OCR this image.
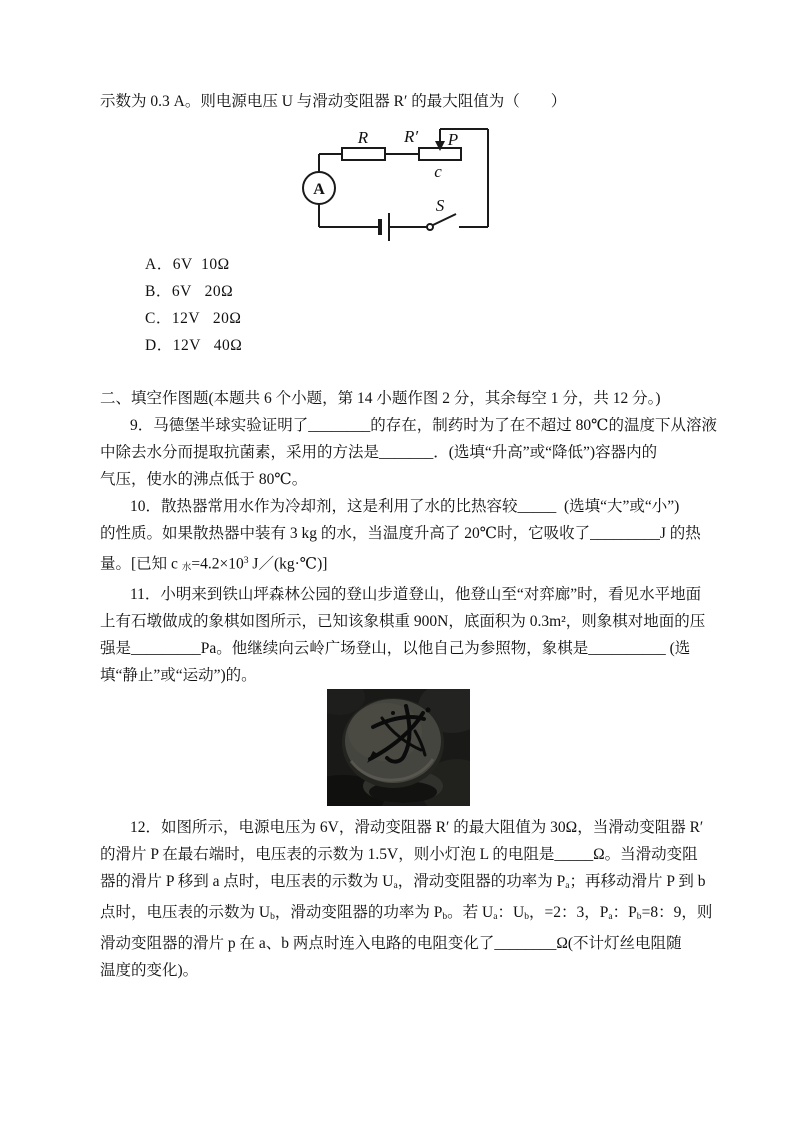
示数为 0.3 A。则电源电压 U 与滑动变阻器 R′ 的最大阻值为（　　）

R R′ P
c
A
S

A．6V  10Ω

B．6V   20Ω

C．12V   20Ω

D．12V   40Ω

二、填空作图题(本题共 6 个小题，第 14 小题作图 2 分，其余每空 1 分，共 12 分。)

9．马德堡半球实验证明了________的存在，制药时为了在不超过 80℃的温度下从溶液

中除去水分而提取抗菌素，采用的方法是_______．(选填“升高”或“降低”)容器内的

气压，使水的沸点低于 80℃。

10．散热器常用水作为冷却剂，这是利用了水的比热容较_____  (选填“大”或“小”)

的性质。如果散热器中装有 3 kg 的水，当温度升高了 20℃时，它吸收了_________J 的热

量。[已知 c $_水=4.2\times 10^3$ J／(kg·℃)]

11．小明来到铁山坪森林公园的登山步道登山，他登山至“对弈廊”时，看见水平地面

上有石墩做成的象棋如图所示，已知该象棋重 900N，底面积为 0.3m²，则象棋对地面的压

强是_________Pa。他继续向云岭广场登山，以他自己为参照物，象棋是__________ (选

填“静止”或“运动”)的。

12．如图所示，电源电压为 6V，滑动变阻器 R′ 的最大阻值为 30Ω，当滑动变阻器 R′

的滑片 P 在最右端时，电压表的示数为 1.5V，则小灯泡 L 的电阻是_____Ω。当滑动变阻

器的滑片 P 移到 a 点时，电压表的示数为 $U_a$，滑动变阻器的功率为 $P_a$；再移动滑片 P 到 b

点时，电压表的示数为 $U_b$，滑动变阻器的功率为 $P_b$。若 $U_a$：$U_b$，=2：3，$P_a$：$P_b=8$：9，则

滑动变阻器的滑片 p 在 a、b 两点时连入电路的电阻变化了________Ω(不计灯丝电阻随

温度的变化)。
